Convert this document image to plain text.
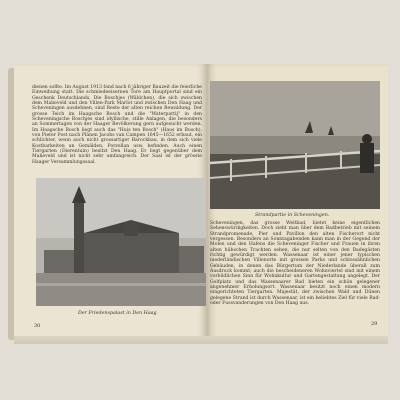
dienen sollte. Im August 1913 fand nach 6 jähriger Bauzeit die feierliche Einweihung statt. Die schmiedeeisernen Tore am Hauptportal sind ein Geschenk Deutschlands. Die Boschjes (Wäldchen), die sich zwischen dem Malieveld und den Villen-Park Marlot und zwischen Den Haag und Scheveningen ausdehnen, sind Reste der alten reichen Bewaldung. Der grosse Teich im Haagsche Bosch und die "Waterpartij" in den Scheveningsche Boschjes sind idyllische, stille Anlagen, die besonders an Sommertagen von der Haager Bevölkerung gern aufgesucht werden. Im Haagsche Bosch liegt auch das "Huis ten Bosch" (Haus im Busch), von Pieter Post nach Plänen Jacobs van Campen 1645—1652 erbaut, ein schlichter, wenn auch nicht grossartiger Barockbau, in dem sich viele Kostbarkeiten an Gemälden, Porzellan usw. befinden. Auch einen Tiergarten (Dierentuin) besitzt Den Haag. Er liegt gegenüber dem Malieveld und ist nicht sehr umfangreich. Der Saal ist der grösste Haager Versammlungssaal.

Der Friedenspalast in Den Haag
30
Strandpartie in Scheveningen.

Scheveningen, das grosse Weltbad, bietet keine eigentlichen Sehenswürdigkeiten. Doch zieht man über dem Badbetrieb mit seinem Strandpromenade, Pier und Pavillon den alten Fischerort nicht vergessen. Besonders an Sonntagabenden kann man in der Gegend der Molen und den Hafens die Scheveninger Fischer und Frauen in ihren alten hübschen Trachten sehen, die nur selten von den Badegästen richtig gewürdigt werden. Wassenaar ist einer jener typischen niederländischen Villenorte mit grossen Parks und schlossähnlichen Gebäuden, in denen das Bürgertum der Niederlande überall zum Ausdruck kommt; auch die bescheideneren Wohnviertel sind mit einem vorbildlichen Sinn für Wohnkultur und Gartengestaltung angelegt. Der Golfplatz und das Wassenaarer Bad bieten ein schön gelegener angenehmer Erholungsort. Wassenaar besitzt noch einen modern eingerichteten Tiergarten. Majestät, der zwischen Wald und Dünen gelegene Strand ist durch Wassenaar, ist ein beliebtes Ziel für viele Rad- oder Fussvanderungen von Den Haag aus.

29
